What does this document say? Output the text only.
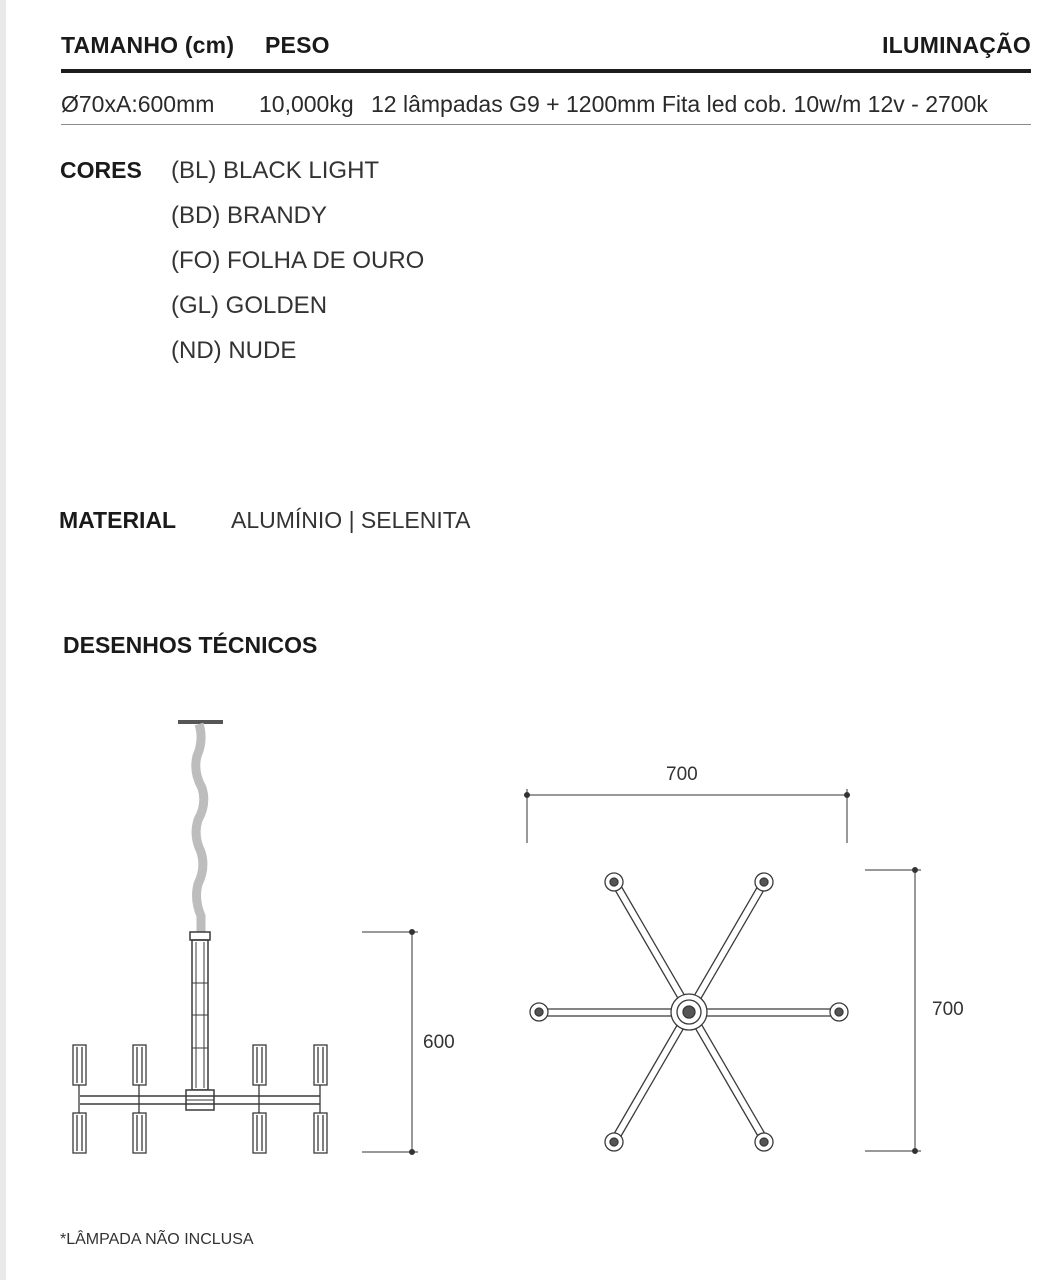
TAMANHO (cm) PESO	ILUMINAÇÃO
Ø70xA:600mm 10,000kg 12 lâmpadas G9 + 1200mm Fita led cob. 10w/m 12v - 2700k
CORES (BL) BLACK LIGHT
(BD) BRANDY
(FO) FOLHA DE OURO
(GL) GOLDEN
(ND) NUDE
MATERIAL ALUMÍNIO | SELENITA
DESENHOS TÉCNICOS
600
700
700
*LÂMPADA NÃO INCLUSA
